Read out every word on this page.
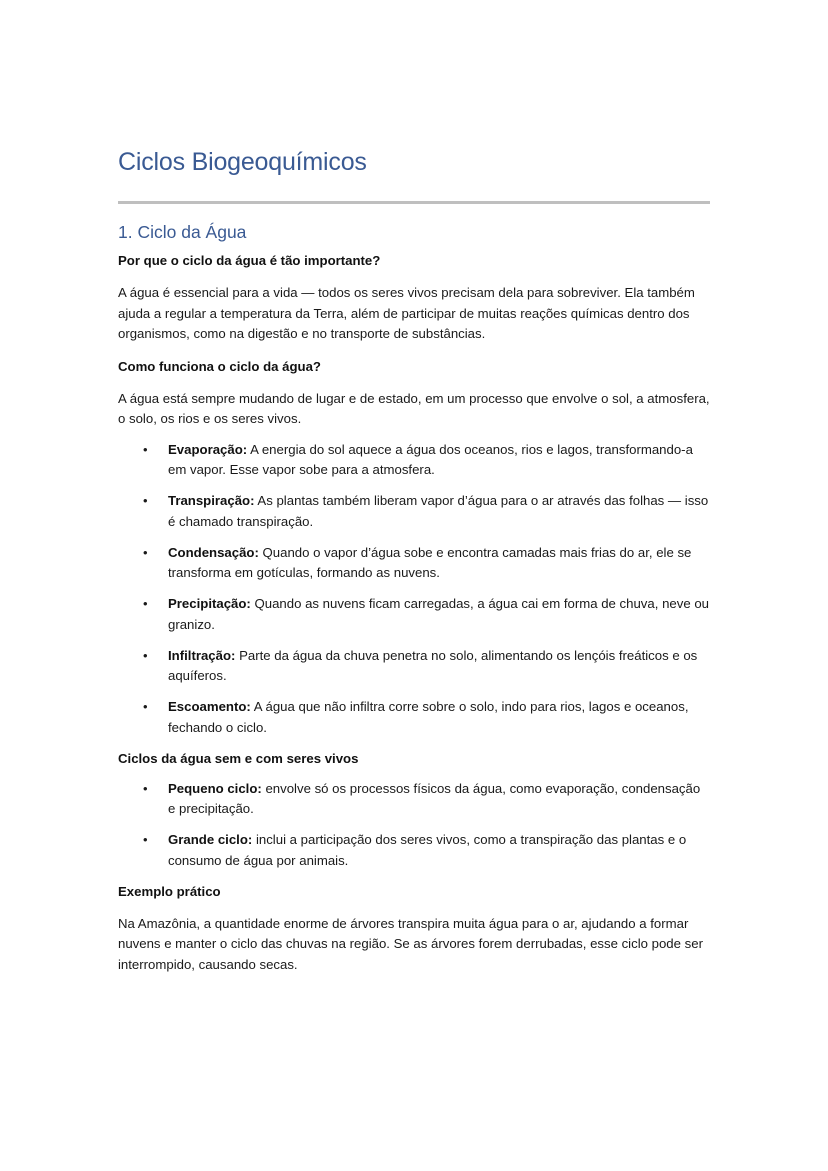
Ciclos Biogeoquímicos
1. Ciclo da Água
Por que o ciclo da água é tão importante?

A água é essencial para a vida — todos os seres vivos precisam dela para sobreviver. Ela também ajuda a regular a temperatura da Terra, além de participar de muitas reações químicas dentro dos organismos, como na digestão e no transporte de substâncias.

Como funciona o ciclo da água?

A água está sempre mudando de lugar e de estado, em um processo que envolve o sol, a atmosfera, o solo, os rios e os seres vivos.

• Evaporação: A energia do sol aquece a água dos oceanos, rios e lagos, transformando-a em vapor. Esse vapor sobe para a atmosfera.
• Transpiração: As plantas também liberam vapor d’água para o ar através das folhas — isso é chamado transpiração.
• Condensação: Quando o vapor d’água sobe e encontra camadas mais frias do ar, ele se transforma em gotículas, formando as nuvens.
• Precipitação: Quando as nuvens ficam carregadas, a água cai em forma de chuva, neve ou granizo.
• Infiltração: Parte da água da chuva penetra no solo, alimentando os lençóis freáticos e os aquíferos.
• Escoamento: A água que não infiltra corre sobre o solo, indo para rios, lagos e oceanos, fechando o ciclo.
Ciclos da água sem e com seres vivos
• Pequeno ciclo: envolve só os processos físicos da água, como evaporação, condensação e precipitação.
• Grande ciclo: inclui a participação dos seres vivos, como a transpiração das plantas e o consumo de água por animais.
Exemplo prático

Na Amazônia, a quantidade enorme de árvores transpira muita água para o ar, ajudando a formar nuvens e manter o ciclo das chuvas na região. Se as árvores forem derrubadas, esse ciclo pode ser interrompido, causando secas.
